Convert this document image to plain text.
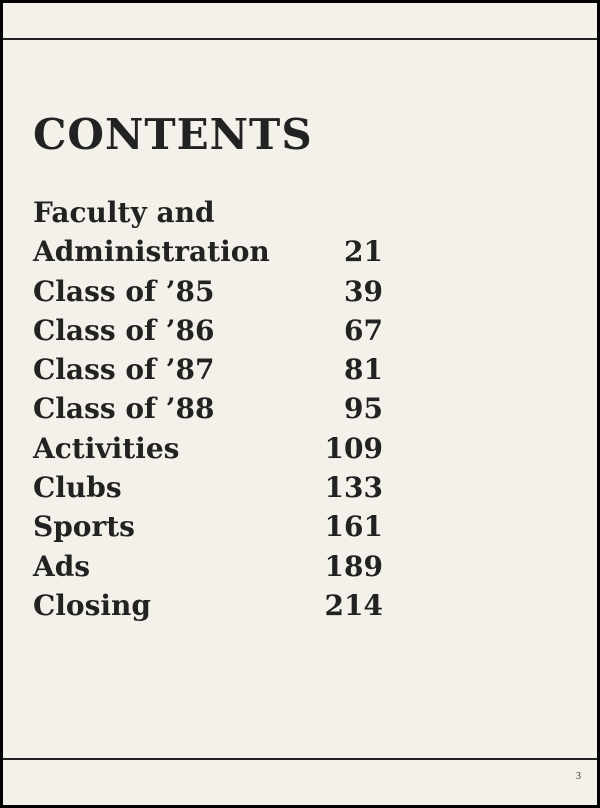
CONTENTS
Faculty and
Administration	21
Class of ’85	39
Class of ’86	67
Class of ’87	81
Class of ’88	95
Activities	109
Clubs	133
Sports	161
Ads	189
Closing	214
3
